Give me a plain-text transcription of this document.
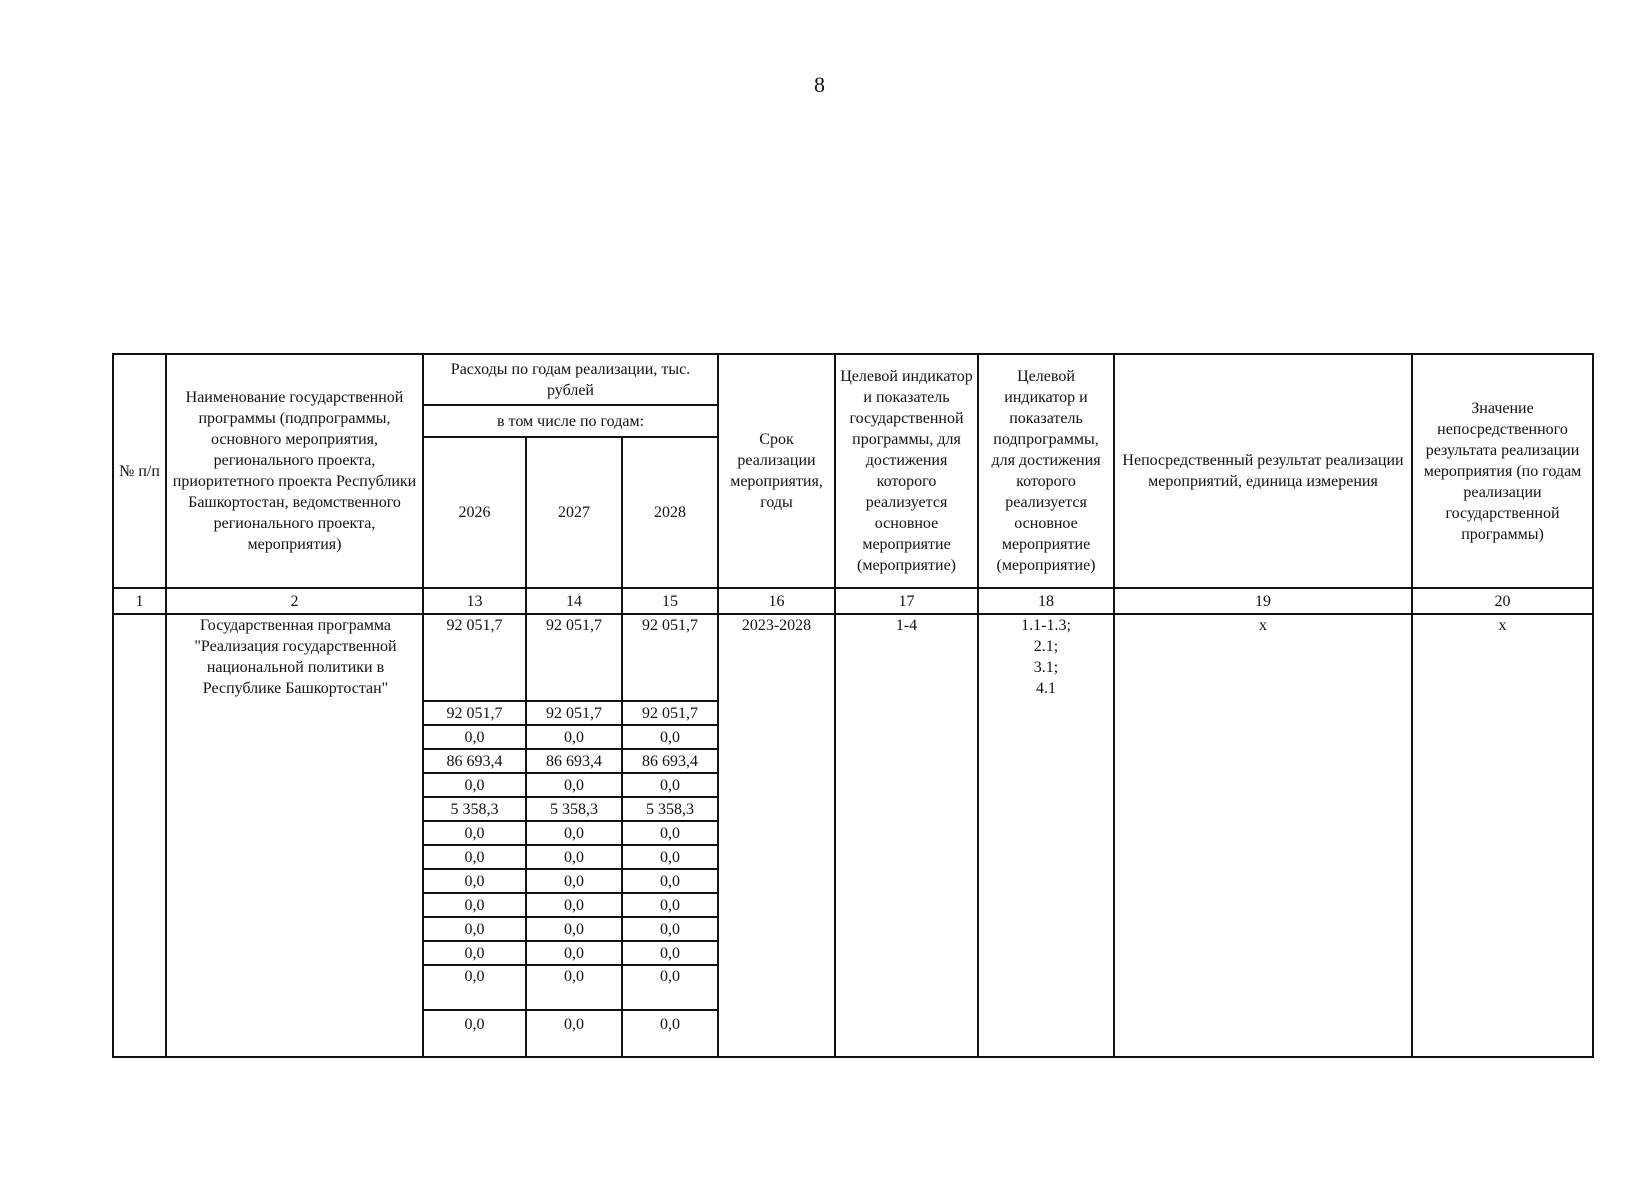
8
№ п/п	Наименование государственной программы (подпрограммы, основного мероприятия, регионального проекта, приоритетного проекта Республики Башкортостан, ведомственного регионального проекта, мероприятия)	Расходы по годам реализации, тыс. рублей			Срок реализации мероприятия, годы	Целевой индикатор и показатель государственной программы, для достижения которого реализуется основное мероприятие (мероприятие)	Целевой индикатор и показатель подпрограммы, для достижения которого реализуется основное мероприятие (мероприятие)	Непосредственный результат реализации мероприятий, единица измерения	Значение непосредственного результата реализации мероприятия (по годам реализации государственной программы)
		в том числе по годам:							
		2026	2027	2028					
1	2	13	14	15	16	17	18	19	20
	Государственная программа "Реализация государственной национальной политики в Республике Башкортостан"	92 051,7	92 051,7	92 051,7	2023-2028	1-4	1.1-1.3;
2.1;
3.1;
4.1	x	x
		92 051,7	92 051,7	92 051,7					
		0,0	0,0	0,0					
		86 693,4	86 693,4	86 693,4					
		0,0	0,0	0,0					
		5 358,3	5 358,3	5 358,3					
		0,0	0,0	0,0					
		0,0	0,0	0,0					
		0,0	0,0	0,0					
		0,0	0,0	0,0					
		0,0	0,0	0,0					
		0,0	0,0	0,0					
		0,0	0,0	0,0					
		0,0	0,0	0,0					
